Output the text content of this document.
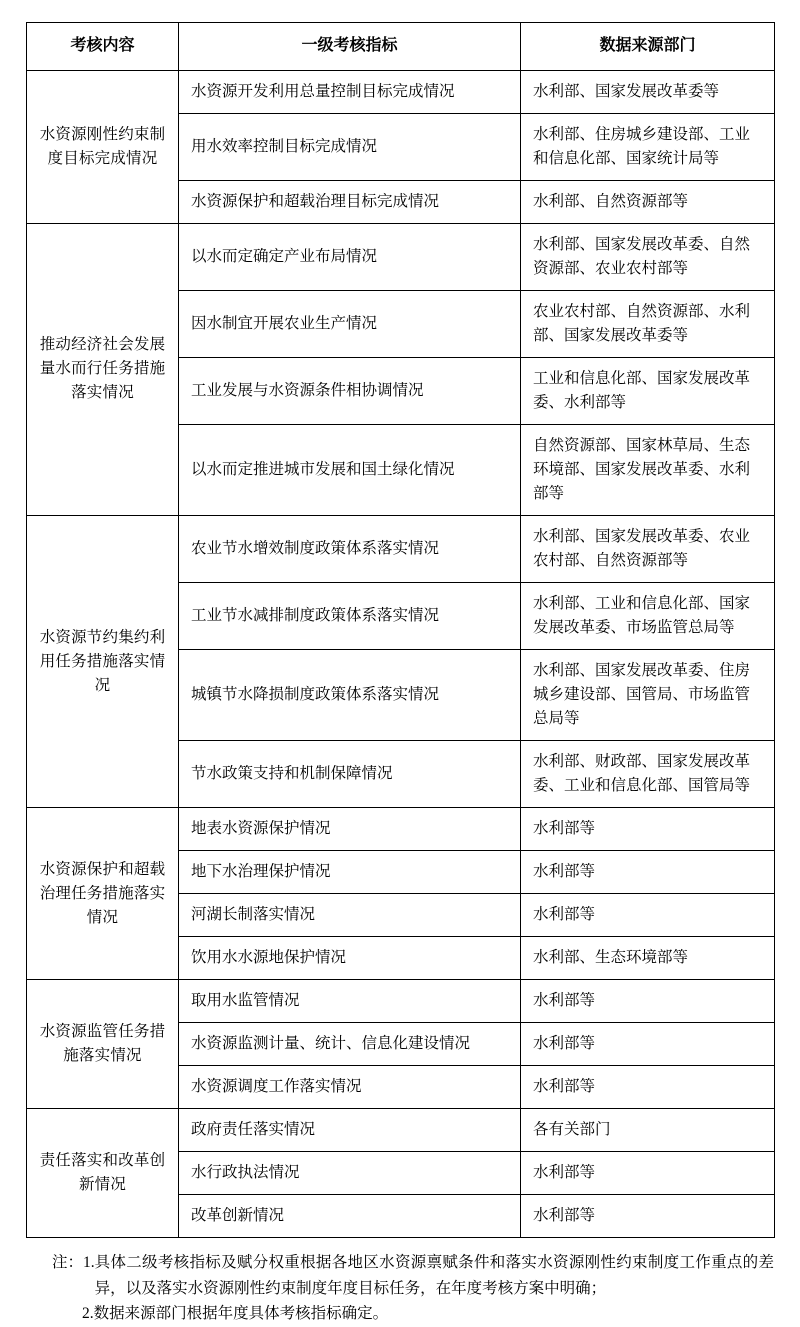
考核内容	一级考核指标	数据来源部门
水资源刚性约束制度目标完成情况	水资源开发利用总量控制目标完成情况	水利部、国家发展改革委等
	用水效率控制目标完成情况	水利部、住房城乡建设部、工业和信息化部、国家统计局等
	水资源保护和超载治理目标完成情况	水利部、自然资源部等
推动经济社会发展量水而行任务措施落实情况	以水而定确定产业布局情况	水利部、国家发展改革委、自然资源部、农业农村部等
	因水制宜开展农业生产情况	农业农村部、自然资源部、水利部、国家发展改革委等
	工业发展与水资源条件相协调情况	工业和信息化部、国家发展改革委、水利部等
	以水而定推进城市发展和国土绿化情况	自然资源部、国家林草局、生态环境部、国家发展改革委、水利部等
水资源节约集约利用任务措施落实情况	农业节水增效制度政策体系落实情况	水利部、国家发展改革委、农业农村部、自然资源部等
	工业节水减排制度政策体系落实情况	水利部、工业和信息化部、国家发展改革委、市场监管总局等
	城镇节水降损制度政策体系落实情况	水利部、国家发展改革委、住房城乡建设部、国管局、市场监管总局等
	节水政策支持和机制保障情况	水利部、财政部、国家发展改革委、工业和信息化部、国管局等
水资源保护和超载治理任务措施落实情况	地表水资源保护情况	水利部等
	地下水治理保护情况	水利部等
	河湖长制落实情况	水利部等
	饮用水水源地保护情况	水利部、生态环境部等
水资源监管任务措施落实情况	取用水监管情况	水利部等
	水资源监测计量、统计、信息化建设情况	水利部等
	水资源调度工作落实情况	水利部等
责任落实和改革创新情况	政府责任落实情况	各有关部门
	水行政执法情况	水利部等
	改革创新情况	水利部等
注： 1. 具体二级考核指标及赋分权重根据各地区水资源禀赋条件和落实水资源刚性约束制度工作重点的差异，以及落实水资源刚性约束制度年度目标任务，在年度考核方案中明确；
2. 数据来源部门根据年度具体考核指标确定。
